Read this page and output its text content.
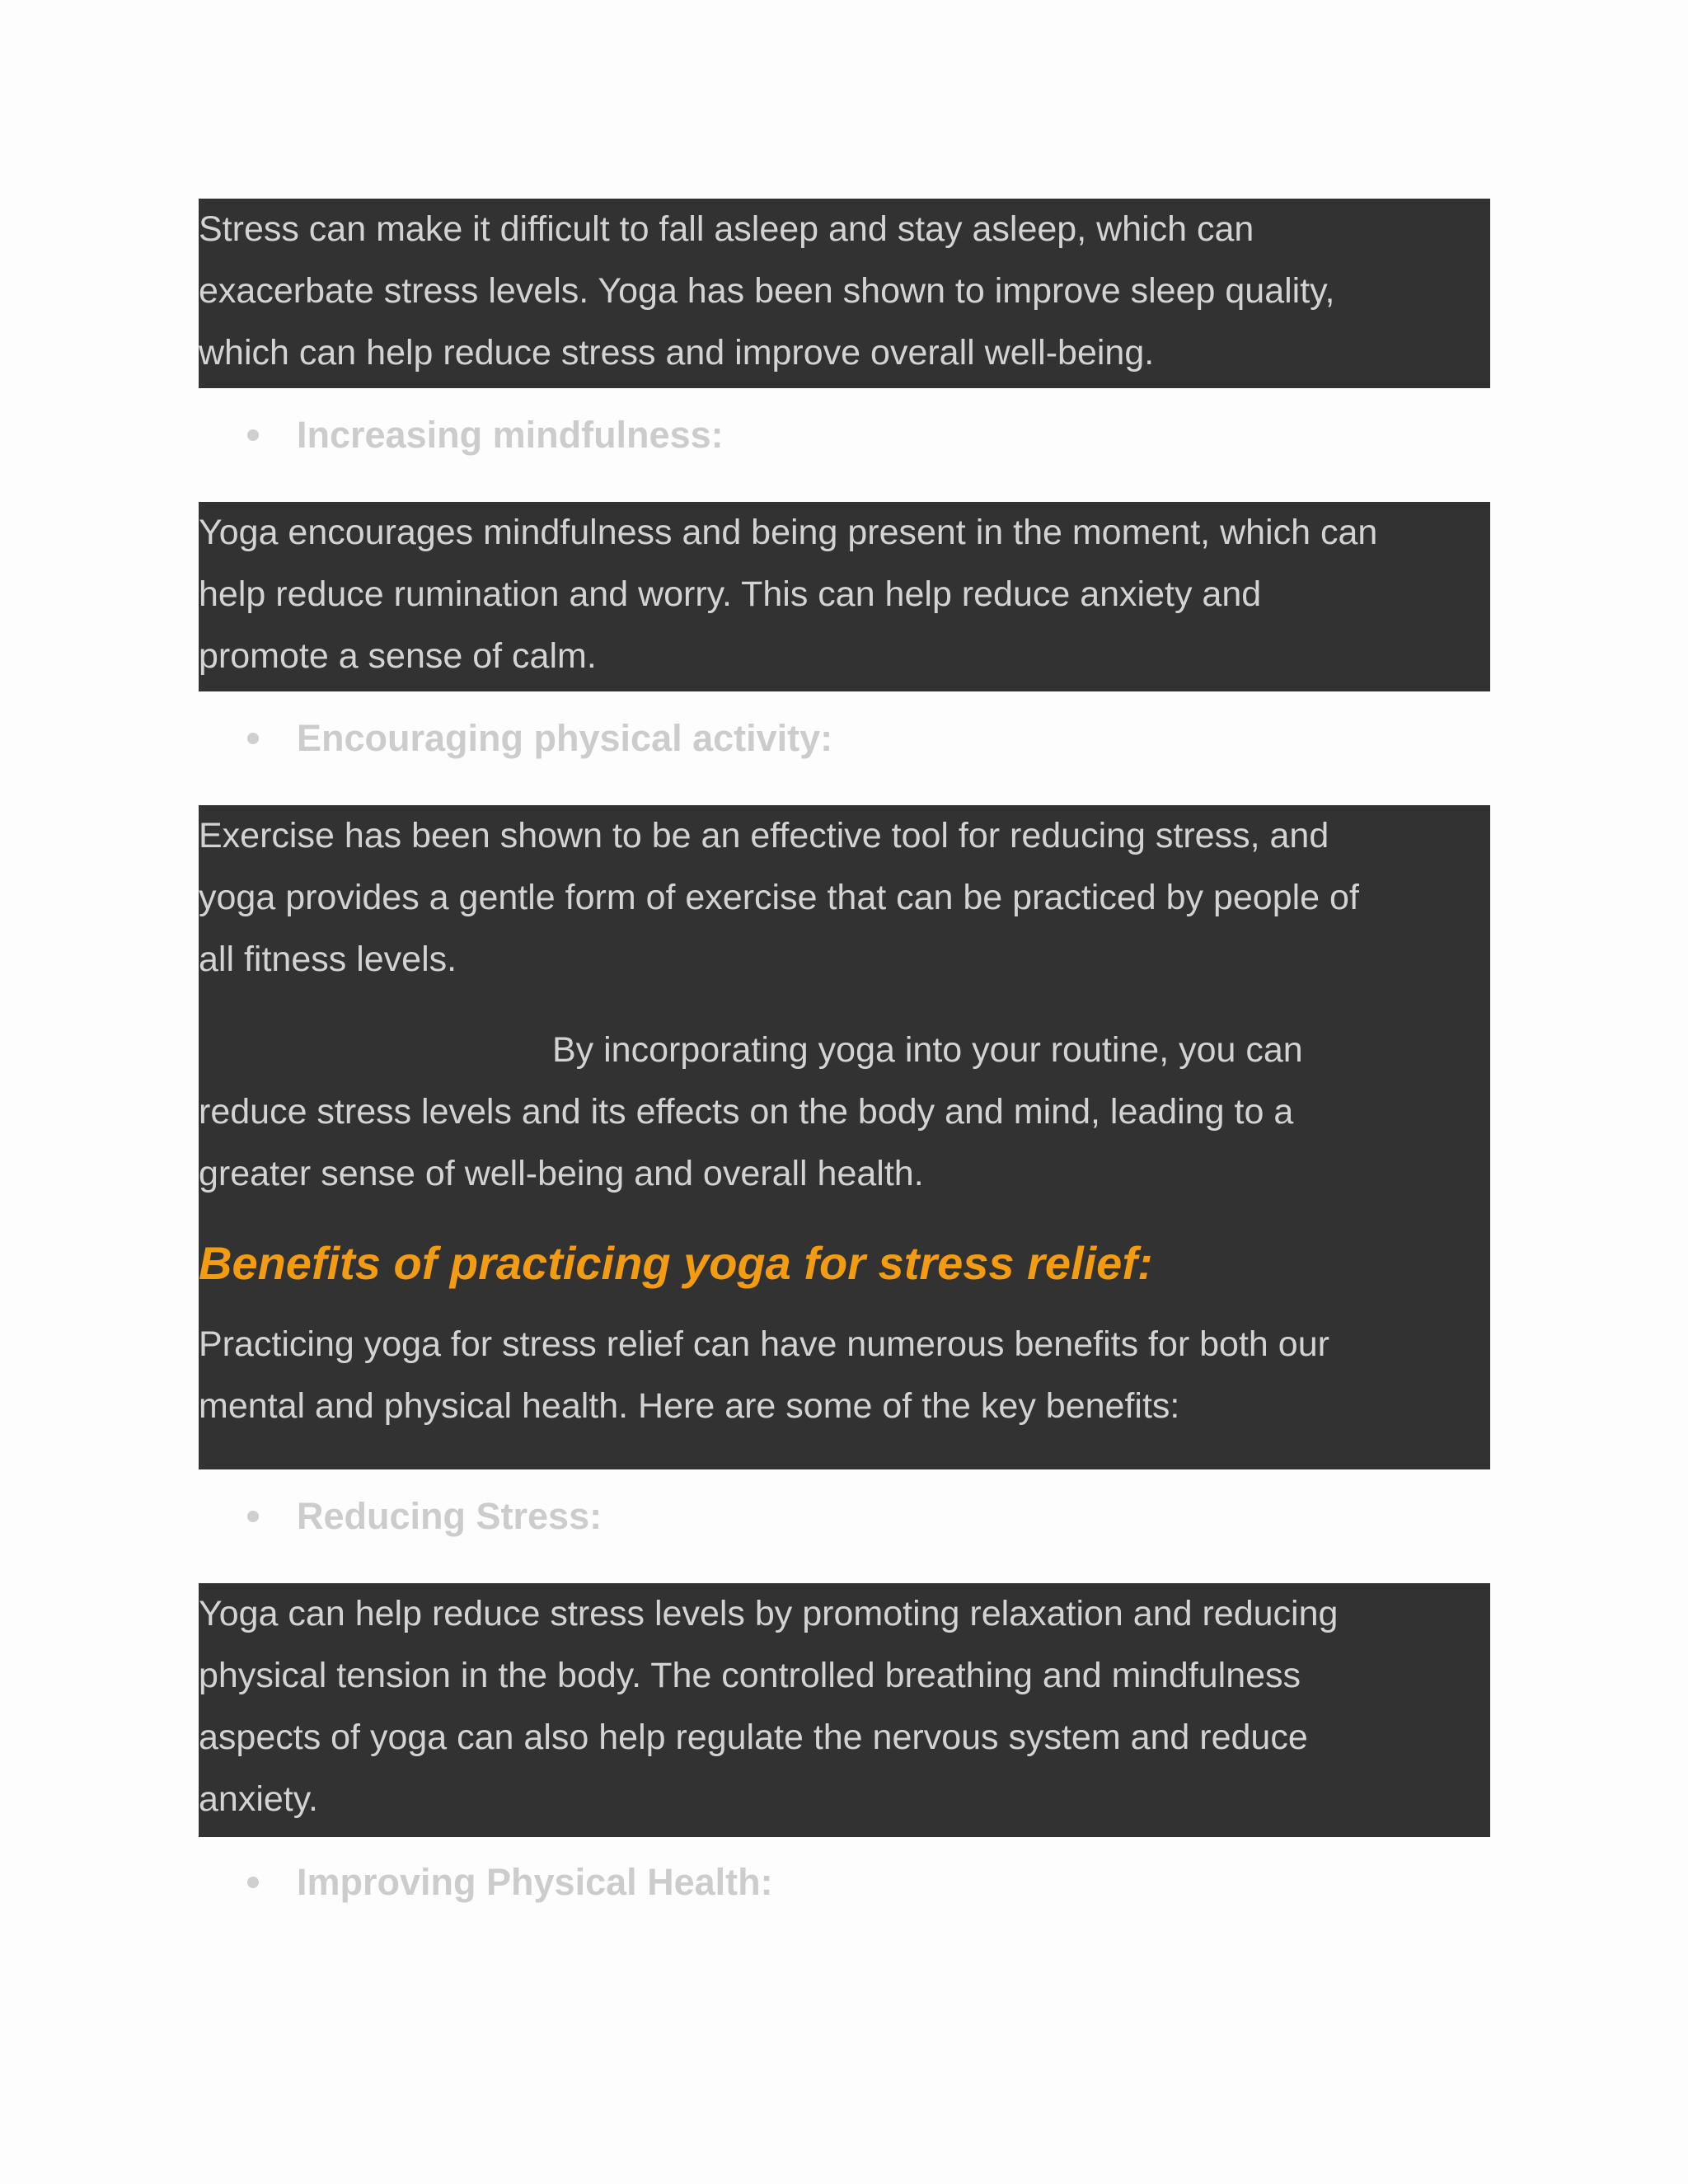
Stress can make it difficult to fall asleep and stay asleep, which can

exacerbate stress levels. Yoga has been shown to improve sleep quality,

which can help reduce stress and improve overall well-being.

Increasing mindfulness:

Yoga encourages mindfulness and being present in the moment, which can

help reduce rumination and worry. This can help reduce anxiety and

promote a sense of calm.

Encouraging physical activity:

Exercise has been shown to be an effective tool for reducing stress, and

yoga provides a gentle form of exercise that can be practiced by people of

all fitness levels.

By incorporating yoga into your routine, you can

reduce stress levels and its effects on the body and mind, leading to a

greater sense of well-being and overall health.

Benefits of practicing yoga for stress relief:

Practicing yoga for stress relief can have numerous benefits for both our

mental and physical health. Here are some of the key benefits:

Reducing Stress:

Yoga can help reduce stress levels by promoting relaxation and reducing

physical tension in the body. The controlled breathing and mindfulness

aspects of yoga can also help regulate the nervous system and reduce

anxiety.

Improving Physical Health:
